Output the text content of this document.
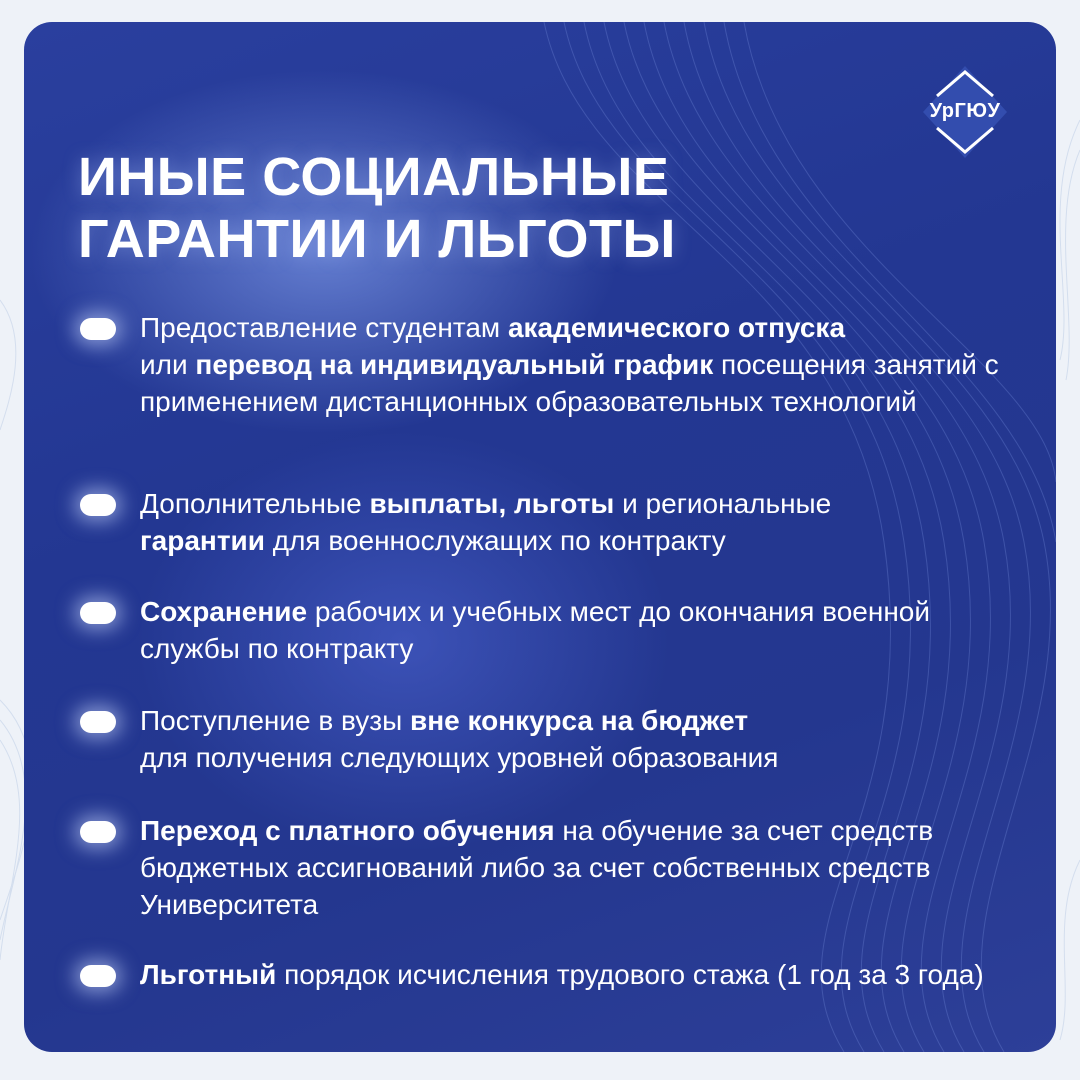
УрГЮУ
ИНЫЕ СОЦИАЛЬНЫЕ
ГАРАНТИИ И ЛЬГОТЫ
Предоставление студентам академического отпуска
или перевод на индивидуальный график посещения занятий с применением дистанционных образовательных технологий
Дополнительные выплаты, льготы и региональные
гарантии для военнослужащих по контракту
Сохранение рабочих и учебных мест до окончания военной службы по контракту
Поступление в вузы вне конкурса на бюджет
для получения следующих уровней образования
Переход с платного обучения на обучение за счет средств бюджетных ассигнований либо за счет собственных средств Университета
Льготный порядок исчисления трудового стажа (1 год за 3 года)
